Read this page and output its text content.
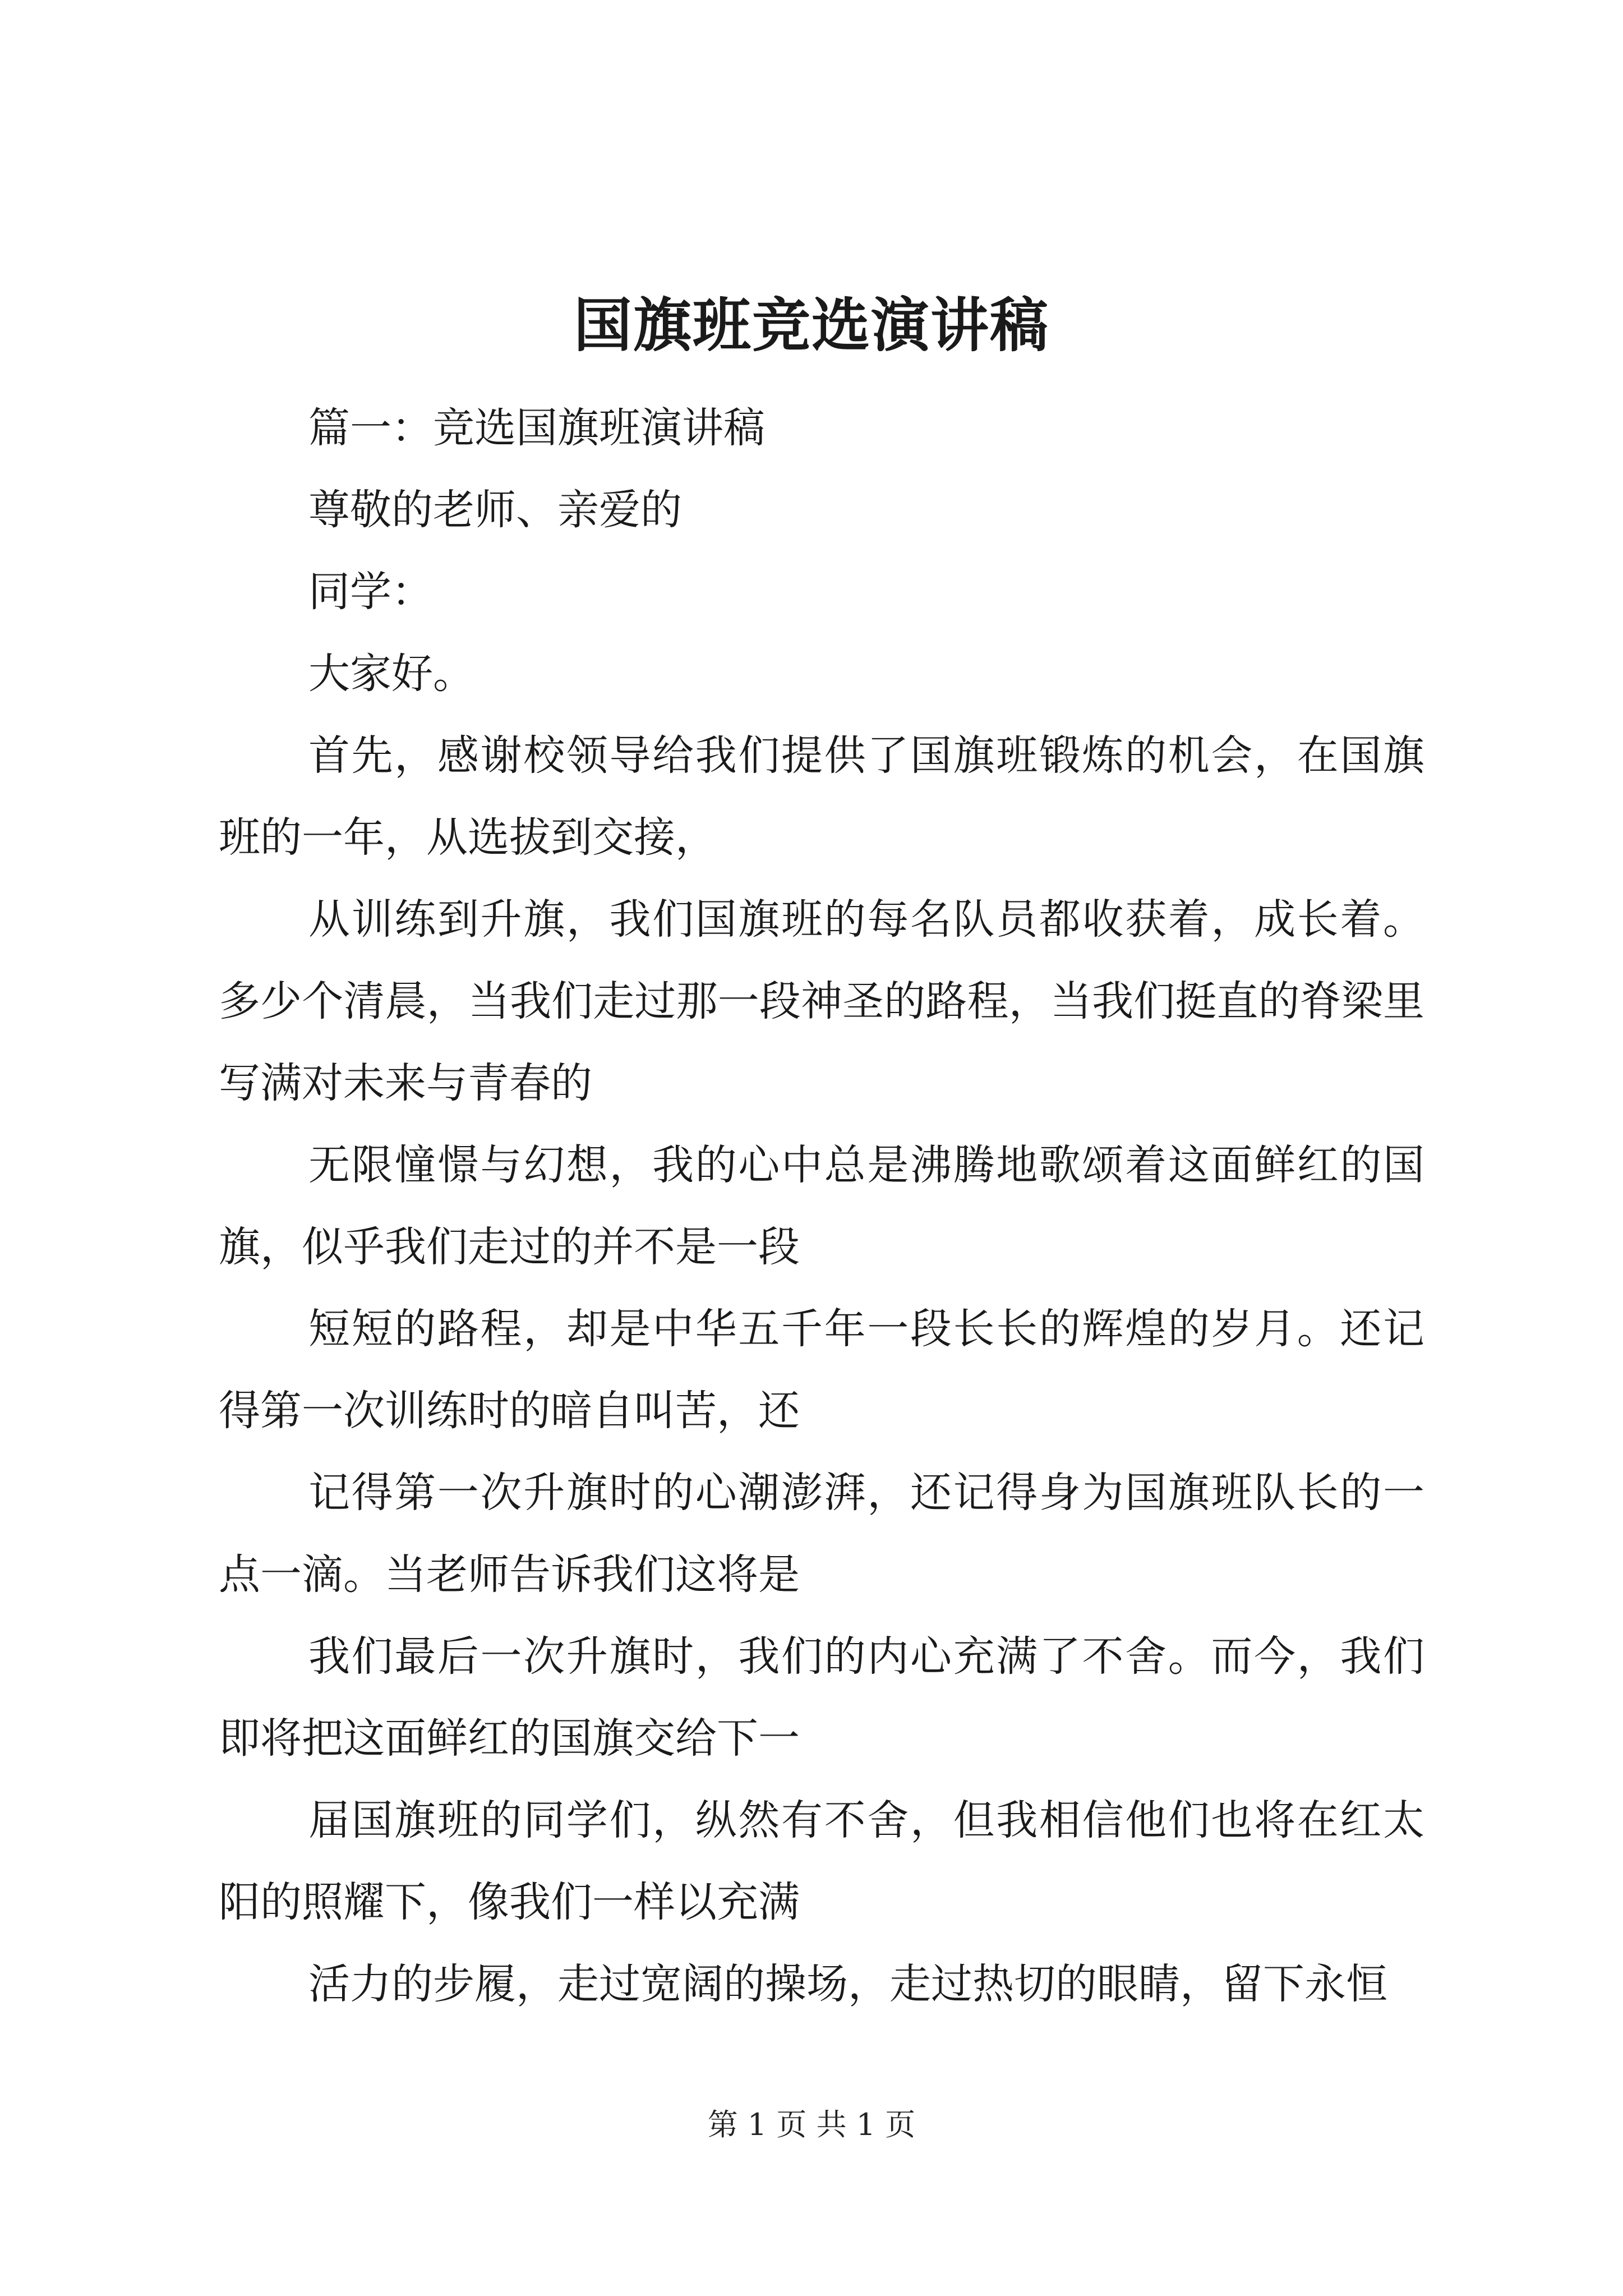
国旗班竞选演讲稿

篇一：竞选国旗班演讲稿

尊敬的老师、亲爱的

同学：

大家好。

首先，感谢校领导给我们提供了国旗班锻炼的机会，在国旗班的一年，从选拔到交接，

从训练到升旗，我们国旗班的每名队员都收获着，成长着。多少个清晨，当我们走过那一段神圣的路程，当我们挺直的脊梁里写满对未来与青春的

无限憧憬与幻想，我的心中总是沸腾地歌颂着这面鲜红的国旗，似乎我们走过的并不是一段

短短的路程，却是中华五千年一段长长的辉煌的岁月。还记得第一次训练时的暗自叫苦，还

记得第一次升旗时的心潮澎湃，还记得身为国旗班队长的一点一滴。当老师告诉我们这将是

我们最后一次升旗时，我们的内心充满了不舍。而今，我们即将把这面鲜红的国旗交给下一

届国旗班的同学们，纵然有不舍，但我相信他们也将在红太阳的照耀下，像我们一样以充满

活力的步履，走过宽阔的操场，走过热切的眼睛，留下永恒

第 1 页 共 1 页
